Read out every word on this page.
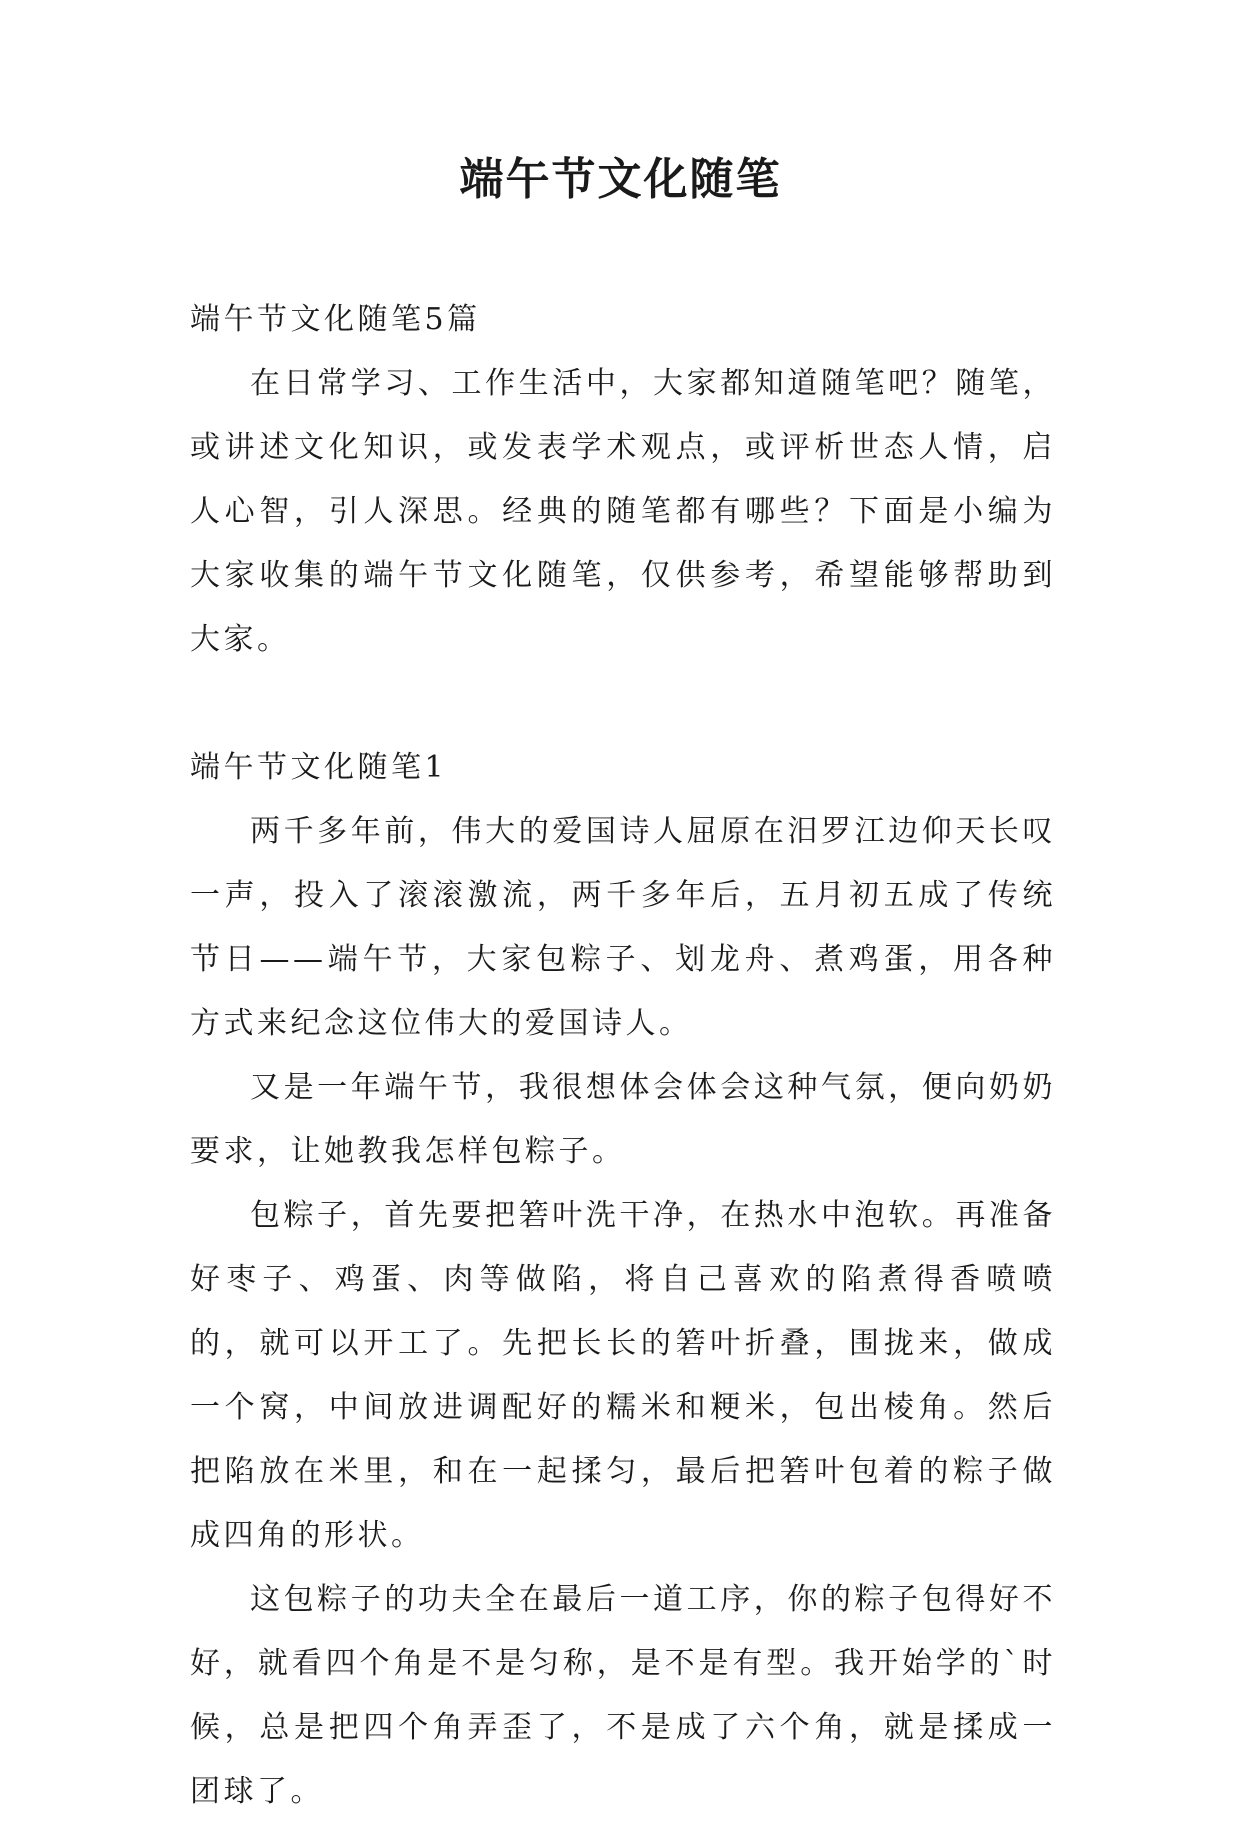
端午节文化随笔

端午节文化随笔5篇

在日常学习、工作生活中，大家都知道随笔吧？随笔，或讲述文化知识，或发表学术观点，或评析世态人情，启人心智，引人深思。经典的随笔都有哪些？下面是小编为大家收集的端午节文化随笔，仅供参考，希望能够帮助到大家。

端午节文化随笔1

两千多年前，伟大的爱国诗人屈原在汨罗江边仰天长叹一声，投入了滚滚激流，两千多年后，五月初五成了传统节日——端午节，大家包粽子、划龙舟、煮鸡蛋，用各种方式来纪念这位伟大的爱国诗人。

又是一年端午节，我很想体会体会这种气氛，便向奶奶要求，让她教我怎样包粽子。

包粽子，首先要把箬叶洗干净，在热水中泡软。再准备好枣子、鸡蛋、肉等做陷，将自己喜欢的陷煮得香喷喷的，就可以开工了。先把长长的箬叶折叠，围拢来，做成一个窝，中间放进调配好的糯米和粳米，包出棱角。然后把陷放在米里，和在一起揉匀，最后把箬叶包着的粽子做成四角的形状。

这包粽子的功夫全在最后一道工序，你的粽子包得好不好，就看四个角是不是匀称，是不是有型。我开始学的`时候，总是把四个角弄歪了，不是成了六个角，就是揉成一团球了。
